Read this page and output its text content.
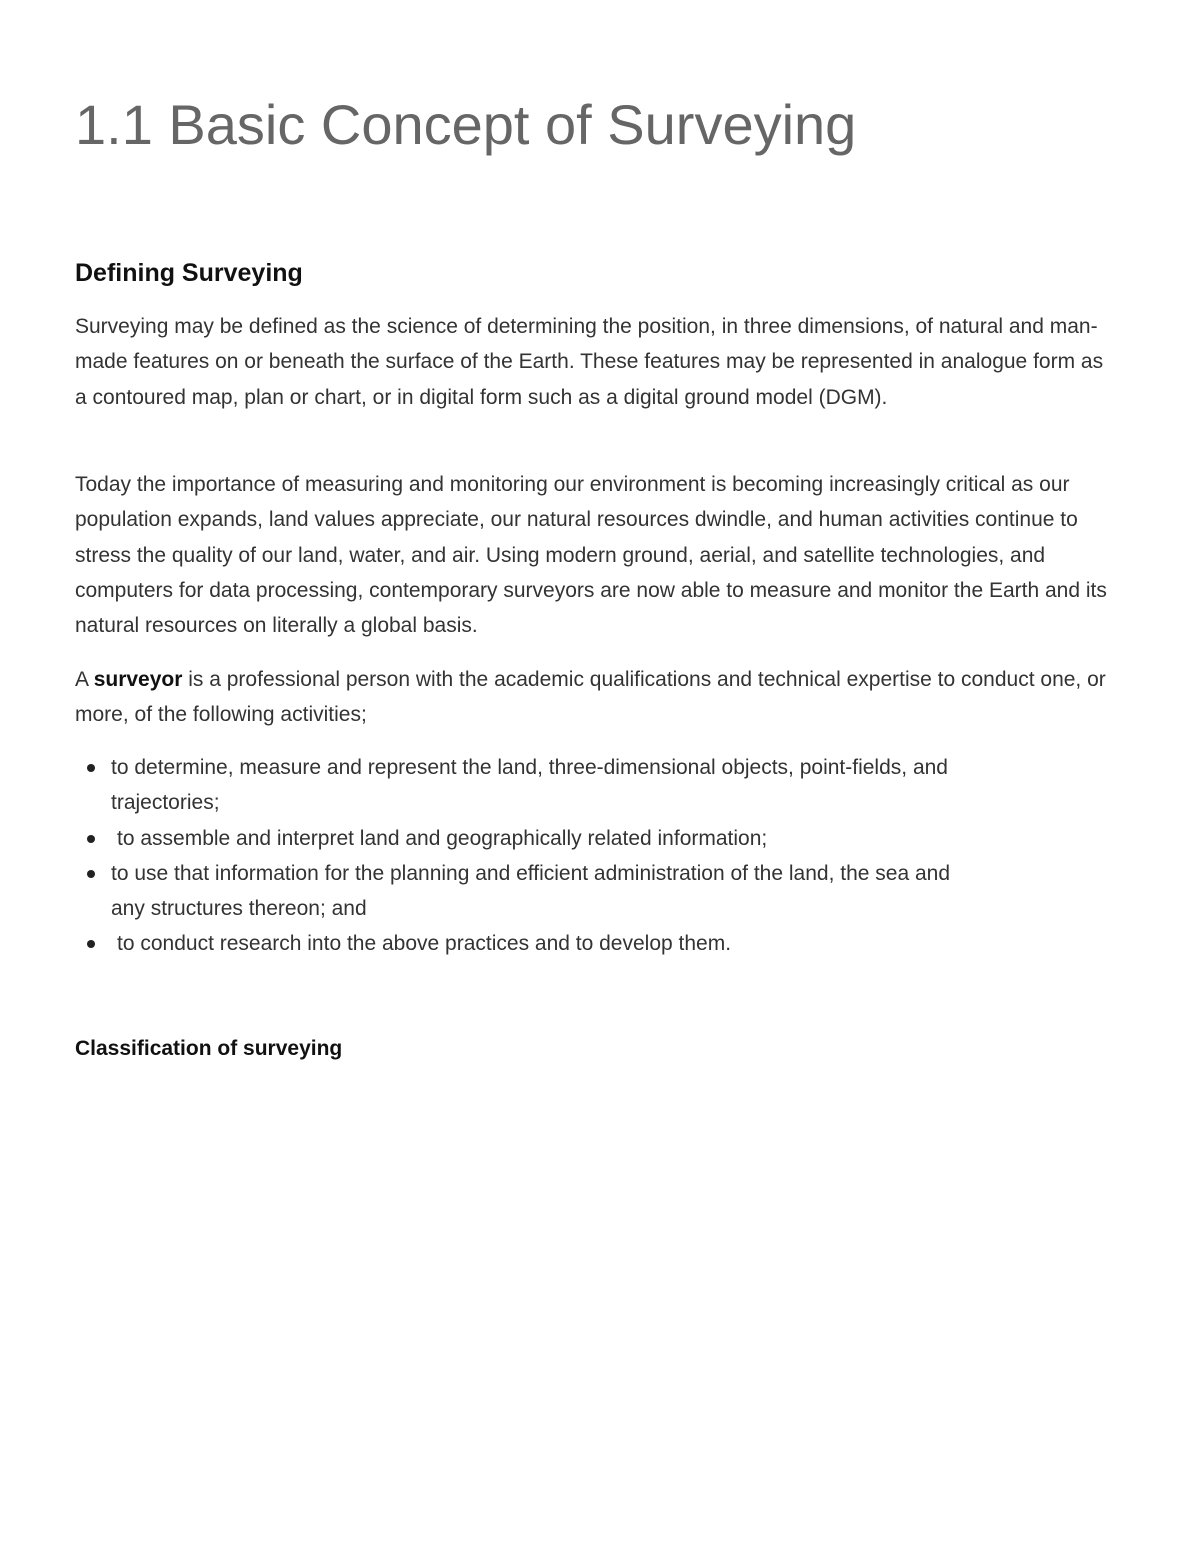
1.1 Basic Concept of Surveying
Defining Surveying

Surveying may be defined as the science of determining the position, in three dimensions, of natural and man-made features on or beneath the surface of the Earth. These features may be represented in analogue form as a contoured map, plan or chart, or in digital form such as a digital ground model (DGM).

Today the importance of measuring and monitoring our environment is becoming increasingly critical as our population expands, land values appreciate, our natural resources dwindle, and human activities continue to stress the quality of our land, water, and air. Using modern ground, aerial, and satellite technologies, and computers for data processing, contemporary surveyors are now able to measure and monitor the Earth and its natural resources on literally a global basis.

A surveyor is a professional person with the academic qualifications and technical expertise to conduct one, or more, of the following activities;

to determine, measure and represent the land, three-dimensional objects, point-fields, and trajectories;
to assemble and interpret land and geographically related information;
to use that information for the planning and efficient administration of the land, the sea and any structures thereon; and
to conduct research into the above practices and to develop them.
Classification of surveying
